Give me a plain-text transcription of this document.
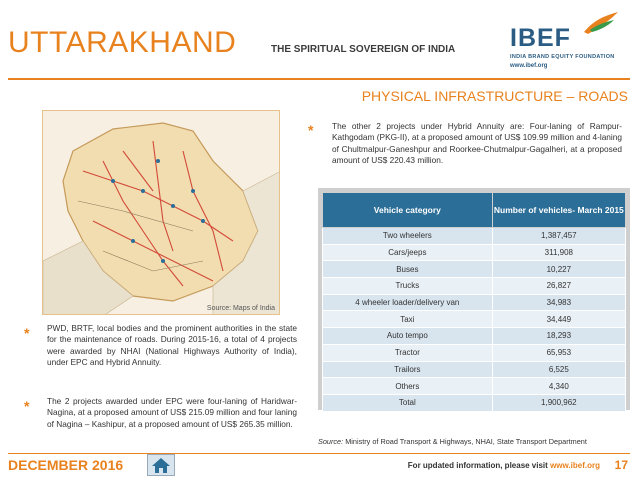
UTTARAKHAND	THE SPIRITUAL SOVEREIGN OF INDIA IBEF
INDIA BRAND EQUITY FOUNDATION
www.ibef.org
PHYSICAL INFRASTRUCTURE – ROADS
Source: Maps of India
* The other 2 projects under Hybrid Annuity are: Four-laning of Rampur-Kathgodam (PKG-II), at a proposed amount of US$ 109.99 million and 4-laning of Chultmalpur-Ganeshpur and Roorkee-Chutmalpur-Gagalheri, at a proposed amount of US$ 220.43 million.
* PWD, BRTF, local bodies and the prominent authorities in the state for the maintenance of roads. During 2015-16, a total of 4 projects were awarded by NHAI (National Highways Authority of India), under EPC and Hybrid Annuity.
* The 2 projects awarded under EPC were four-laning of Haridwar-Nagina, at a proposed amount of US$ 215.09 million and four laning of Nagina – Kashipur, at a proposed amount of US$ 265.35 million.
Vehicle category	Number of vehicles- March 2015
Two wheelers	1,387,457
Cars/jeeps	311,908
Buses	10,227
Trucks	26,827
4 wheeler loader/delivery van	34,983
Taxi	34,449
Auto tempo	18,293
Tractor	65,953
Trailors	6,525
Others	4,340
Total	1,900,962
Source: Ministry of Road Transport & Highways, NHAI, State Transport Department
DECEMBER 2016	For updated information, please visit www.ibef.org 17
